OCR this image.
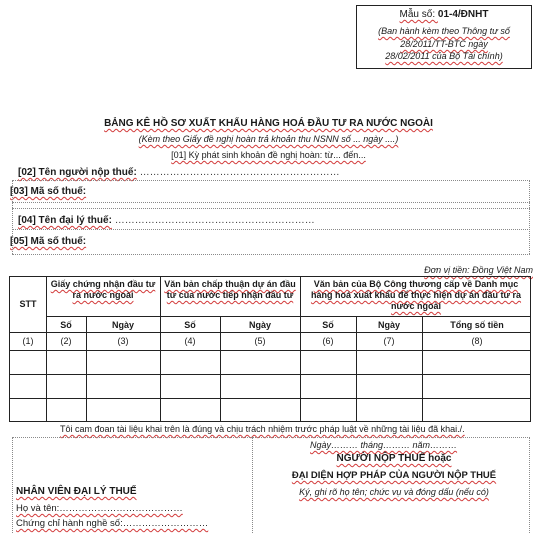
Mẫu số: 01-4/ĐNHT
(Ban hành kèm theo Thông tư số
28/2011/TT-BTC ngày
28/02/2011 của Bộ Tài chính)
BẢNG KÊ HỒ SƠ XUẤT KHẨU HÀNG HOÁ ĐẦU TƯ RA NƯỚC NGOÀI
(Kèm theo Giấy đề nghị hoàn trả khoản thu NSNN số ... ngày ....)
[01] Kỳ phát sinh khoản đề nghị hoàn: từ... đến...
[02] Tên người nộp thuế: ……………………………………………………
[03] Mã số thuế:
[04] Tên đại lý thuế: ……………………………………………………
[05] Mã số thuế:
Đơn vị tiền: Đồng Việt Nam
STT
Giấy chứng nhận đầu tư ra nước ngoài
Văn bản chấp thuận dự án đầu tư của nước tiếp nhận đầu tư
Văn bản của Bộ Công thương cấp về Danh mục hàng hoá xuất khẩu để thực hiện dự án đầu tư ra nước ngoài
Số	Ngày	Số	Ngày	Số	Ngày	Tổng số tiền
(1)	(2)	(3)	(4)	(5)	(6)	(7)	(8)
Tôi cam đoan tài liệu khai trên là đúng và chịu trách nhiệm trước pháp luật về những tài liệu đã khai./.
Ngày……… tháng……… năm………
NGƯỜI NỘP THUẾ hoặc
ĐẠI DIỆN HỢP PHÁP CỦA NGƯỜI NỘP THUẾ
Ký, ghi rõ họ tên; chức vụ và đóng dấu (nếu có)
NHÂN VIÊN ĐẠI LÝ THUẾ
Họ và tên:…………………………………
Chứng chỉ hành nghề số:………………………
